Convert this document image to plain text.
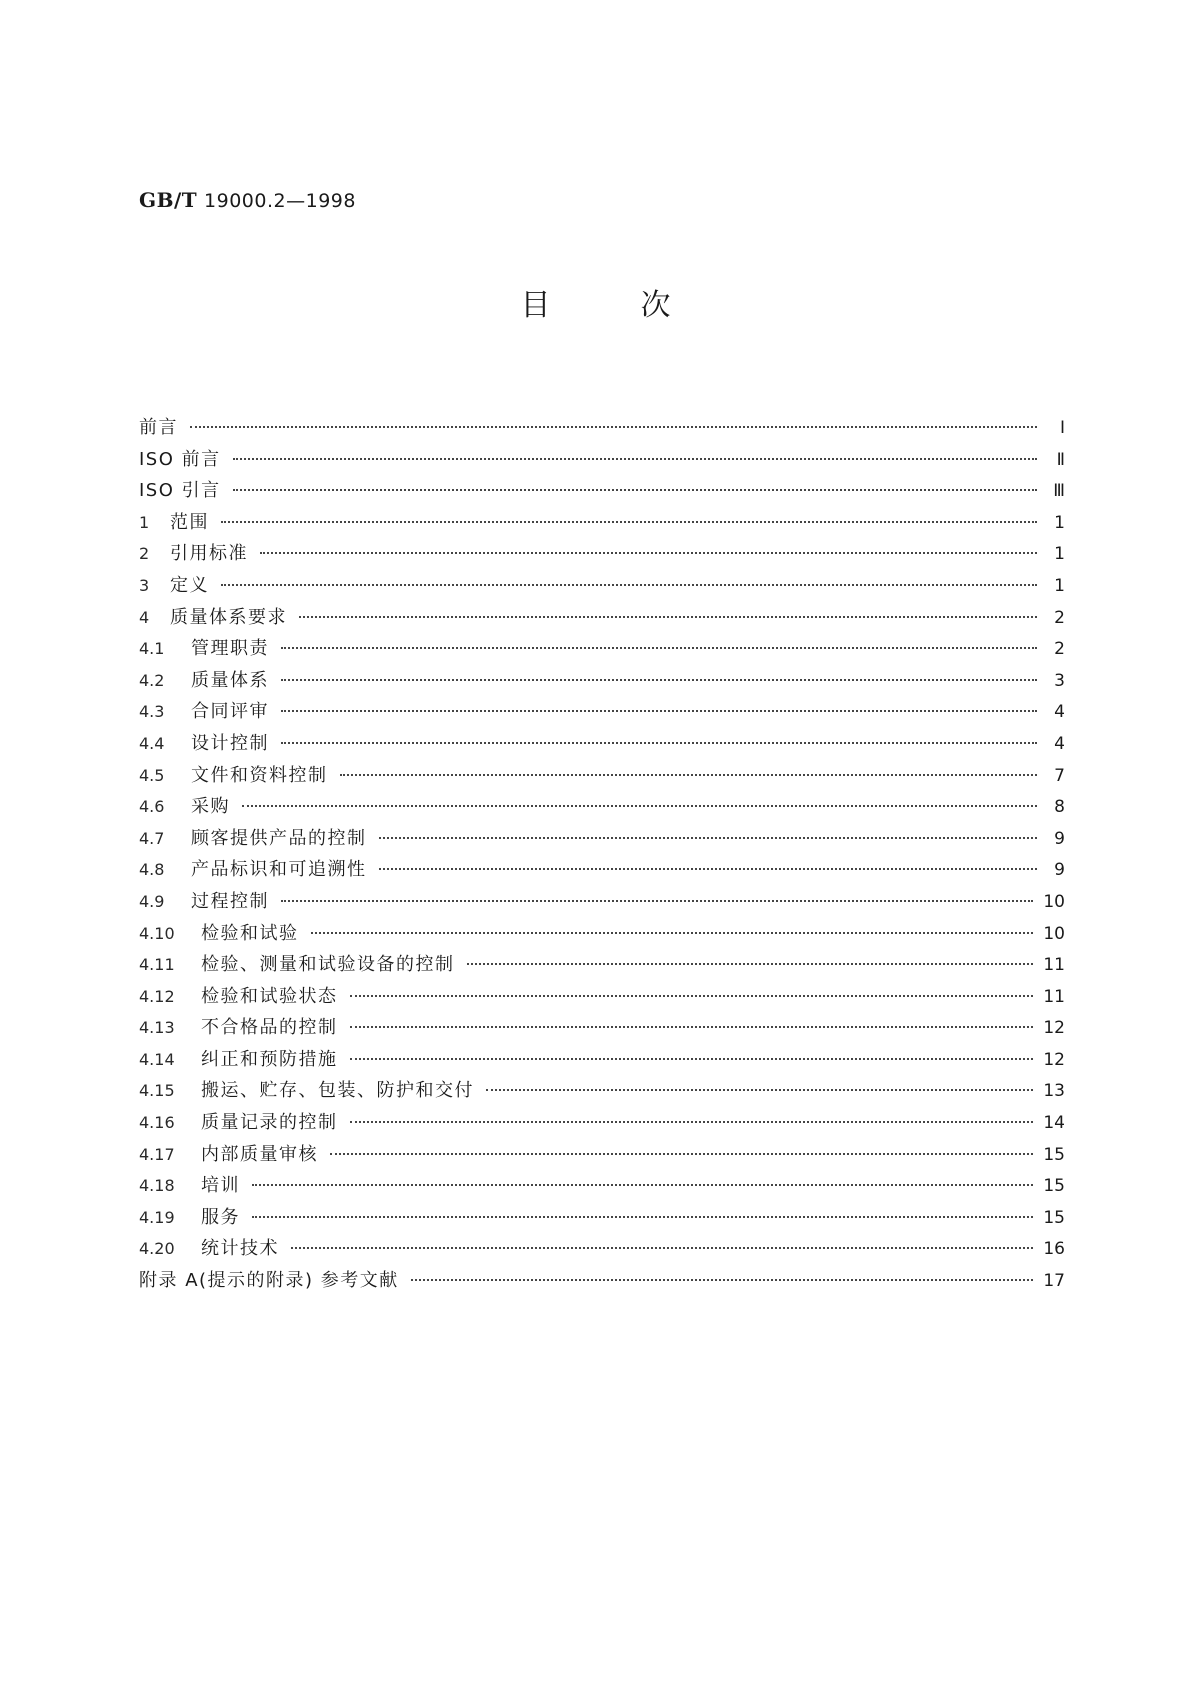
GB/T 19000.2—1998
目次
前言	Ⅰ
ISO 前言	Ⅱ
ISO 引言	Ⅲ
1	范围	1
2	引用标准	1
3	定义	1
4	质量体系要求	2
4.1	管理职责	2
4.2	质量体系	3
4.3	合同评审	4
4.4	设计控制	4
4.5	文件和资料控制	7
4.6	采购	8
4.7	顾客提供产品的控制	9
4.8	产品标识和可追溯性	9
4.9	过程控制	10
4.10	检验和试验	10
4.11	检验、测量和试验设备的控制	11
4.12	检验和试验状态	11
4.13	不合格品的控制	12
4.14	纠正和预防措施	12
4.15	搬运、贮存、包装、防护和交付	13
4.16	质量记录的控制	14
4.17	内部质量审核	15
4.18	培训	15
4.19	服务	15
4.20	统计技术	16
附录 A(提示的附录) 参考文献	17
